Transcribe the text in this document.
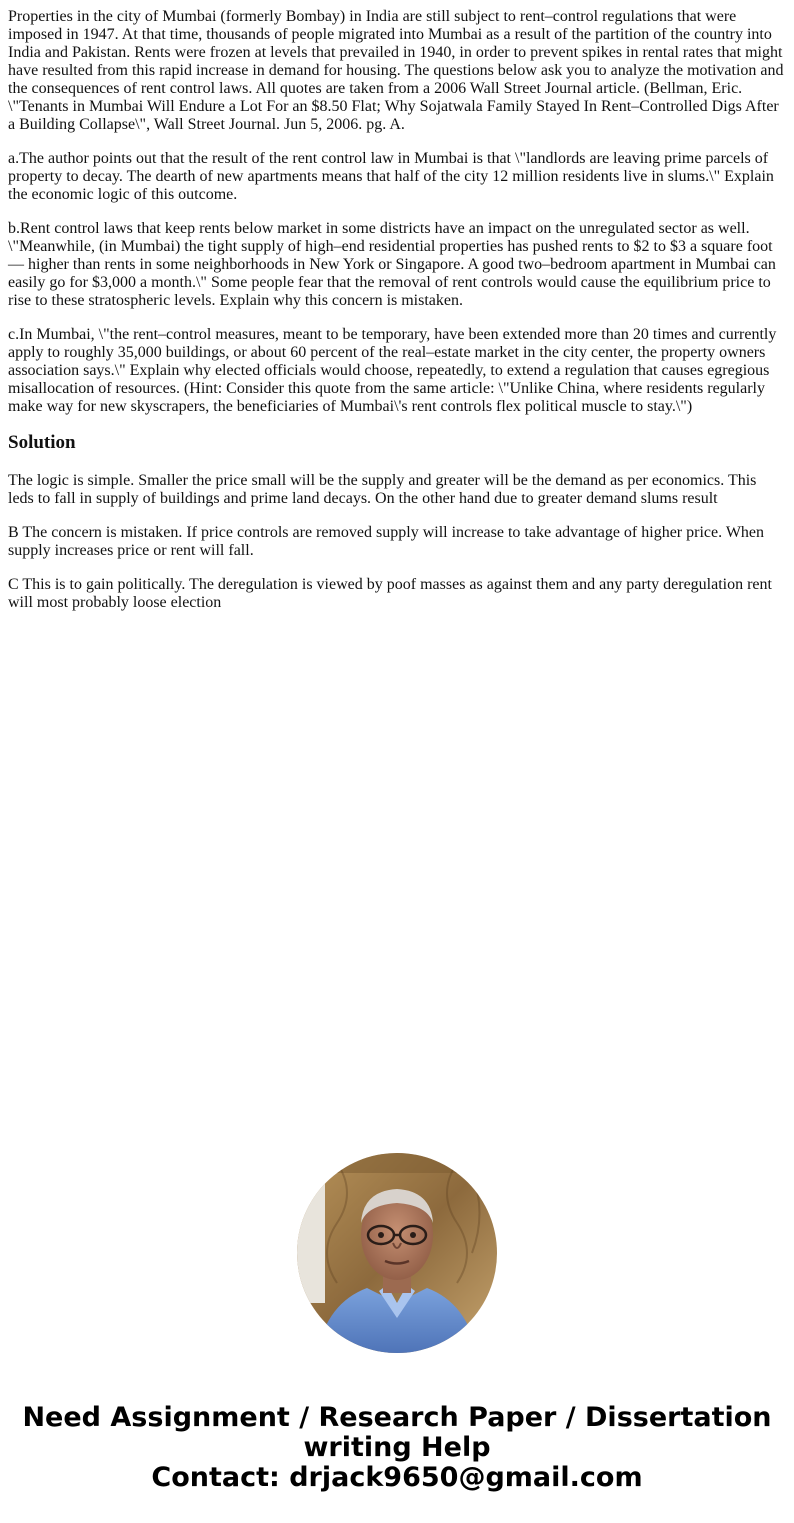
Properties in the city of Mumbai (formerly Bombay) in India are still subject to rent–control regulations that were imposed in 1947. At that time, thousands of people migrated into Mumbai as a result of the partition of the country into India and Pakistan. Rents were frozen at levels that prevailed in 1940, in order to prevent spikes in rental rates that might have resulted from this rapid increase in demand for housing. The questions below ask you to analyze the motivation and the consequences of rent control laws. All quotes are taken from a 2006 Wall Street Journal article. (Bellman, Eric. \"Tenants in Mumbai Will Endure a Lot For an $8.50 Flat; Why Sojatwala Family Stayed In Rent–Controlled Digs After a Building Collapse\", Wall Street Journal. Jun 5, 2006. pg. A.

a.The author points out that the result of the rent control law in Mumbai is that \"landlords are leaving prime parcels of property to decay. The dearth of new apartments means that half of the city 12 million residents live in slums.\" Explain the economic logic of this outcome.

b.Rent control laws that keep rents below market in some districts have an impact on the unregulated sector as well. \"Meanwhile, (in Mumbai) the tight supply of high–end residential properties has pushed rents to $2 to $3 a square foot — higher than rents in some neighborhoods in New York or Singapore. A good two–bedroom apartment in Mumbai can easily go for $3,000 a month.\" Some people fear that the removal of rent controls would cause the equilibrium price to rise to these stratospheric levels. Explain why this concern is mistaken.

c.In Mumbai, \"the rent–control measures, meant to be temporary, have been extended more than 20 times and currently apply to roughly 35,000 buildings, or about 60 percent of the real–estate market in the city center, the property owners association says.\" Explain why elected officials would choose, repeatedly, to extend a regulation that causes egregious misallocation of resources. (Hint: Consider this quote from the same article: \"Unlike China, where residents regularly make way for new skyscrapers, the beneficiaries of Mumbai\'s rent controls flex political muscle to stay.\")

Solution

The logic is simple. Smaller the price small will be the supply and greater will be the demand as per economics. This leds to fall in supply of buildings and prime land decays. On the other hand due to greater demand slums result

B The concern is mistaken. If price controls are removed supply will increase to take advantage of higher price. When supply increases price or rent will fall.

C This is to gain politically. The deregulation is viewed by poof masses as against them and any party deregulation rent will most probably loose election

Need Assignment / Research Paper / Dissertation
writing Help
Contact: drjack9650@gmail.com
